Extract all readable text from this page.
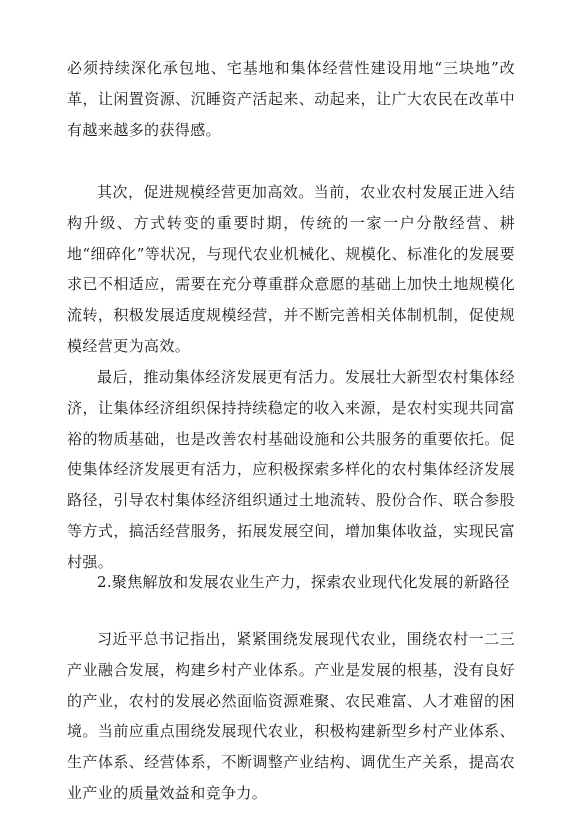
必须持续深化承包地、宅基地和集体经营性建设用地“三块地”改革，让闲置资源、沉睡资产活起来、动起来，让广大农民在改革中有越来越多的获得感。

其次，促进规模经营更加高效。当前，农业农村发展正进入结构升级、方式转变的重要时期，传统的一家一户分散经营、耕地“细碎化”等状况，与现代农业机械化、规模化、标准化的发展要求已不相适应，需要在充分尊重群众意愿的基础上加快土地规模化流转，积极发展适度规模经营，并不断完善相关体制机制，促使规模经营更为高效。

最后，推动集体经济发展更有活力。发展壮大新型农村集体经济，让集体经济组织保持持续稳定的收入来源，是农村实现共同富裕的物质基础，也是改善农村基础设施和公共服务的重要依托。促使集体经济发展更有活力，应积极探索多样化的农村集体经济发展路径，引导农村集体经济组织通过土地流转、股份合作、联合参股等方式，搞活经营服务，拓展发展空间，增加集体收益，实现民富村强。

2.聚焦解放和发展农业生产力，探索农业现代化发展的新路径

习近平总书记指出，紧紧围绕发展现代农业，围绕农村一二三产业融合发展，构建乡村产业体系。产业是发展的根基，没有良好的产业，农村的发展必然面临资源难聚、农民难富、人才难留的困境。当前应重点围绕发展现代农业，积极构建新型乡村产业体系、生产体系、经营体系，不断调整产业结构、调优生产关系，提高农业产业的质量效益和竞争力。
